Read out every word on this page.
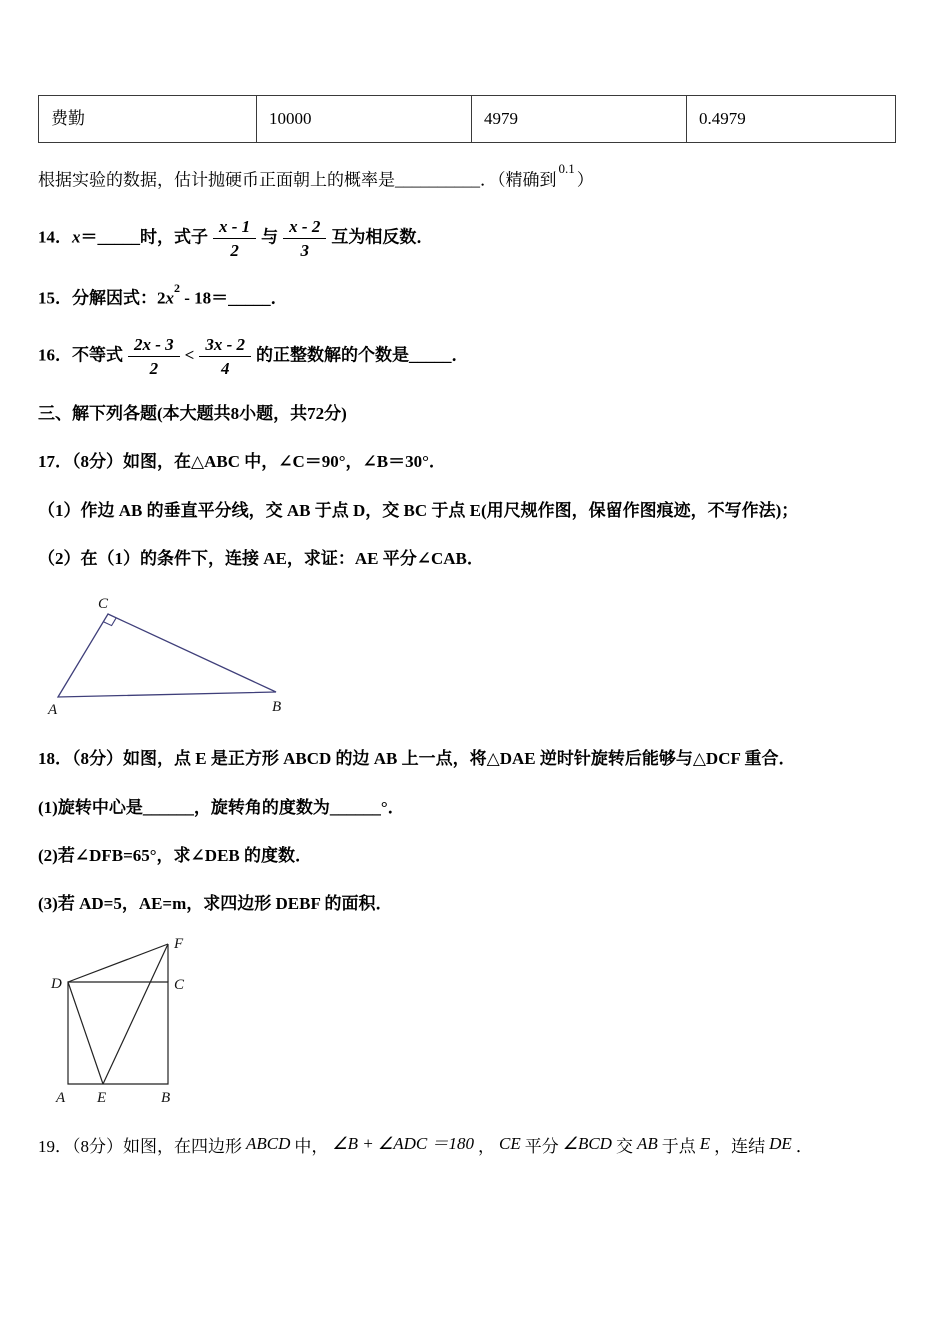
费勤	10000	4979	0.4979

根据实验的数据，估计抛硬币正面朝上的概率是__________．（精确到$^{0.1}$）

14．x＝_____时，式子 $\frac{x - 1}{2}$ 与 $\frac{x - 2}{3}$ 互为相反数．

15．分解因式：$2x^2$ - 18＝_____．

16．不等式 $\frac{2x - 3}{2} < \frac{3x - 2}{4}$ 的正整数解的个数是_____．

三、解下列各题(本大题共8小题，共72分)

17．（8分）如图，在△ABC 中，∠C＝90°，∠B＝30°．

（1）作边 AB 的垂直平分线，交 AB 于点 D，交 BC 于点 E(用尺规作图，保留作图痕迹，不写作法)；

（2）在（1）的条件下，连接 AE，求证：AE 平分∠CAB．

C
A	B

18．（8分）如图，点 E 是正方形 ABCD 的边 AB 上一点，将△DAE 逆时针旋转后能够与△DCF 重合．

(1)旋转中心是______，旋转角的度数为______°．

(2)若∠DFB=65°，求∠DEB 的度数．

(3)若 AD=5，AE=m，求四边形 DEBF 的面积．

F
D	C
A E	B

19．（8分）如图，在四边形 ABCD 中， ∠B + ∠ADC ＝180 ， CE 平分 ∠BCD 交 AB 于点 E ，连结 DE ．
